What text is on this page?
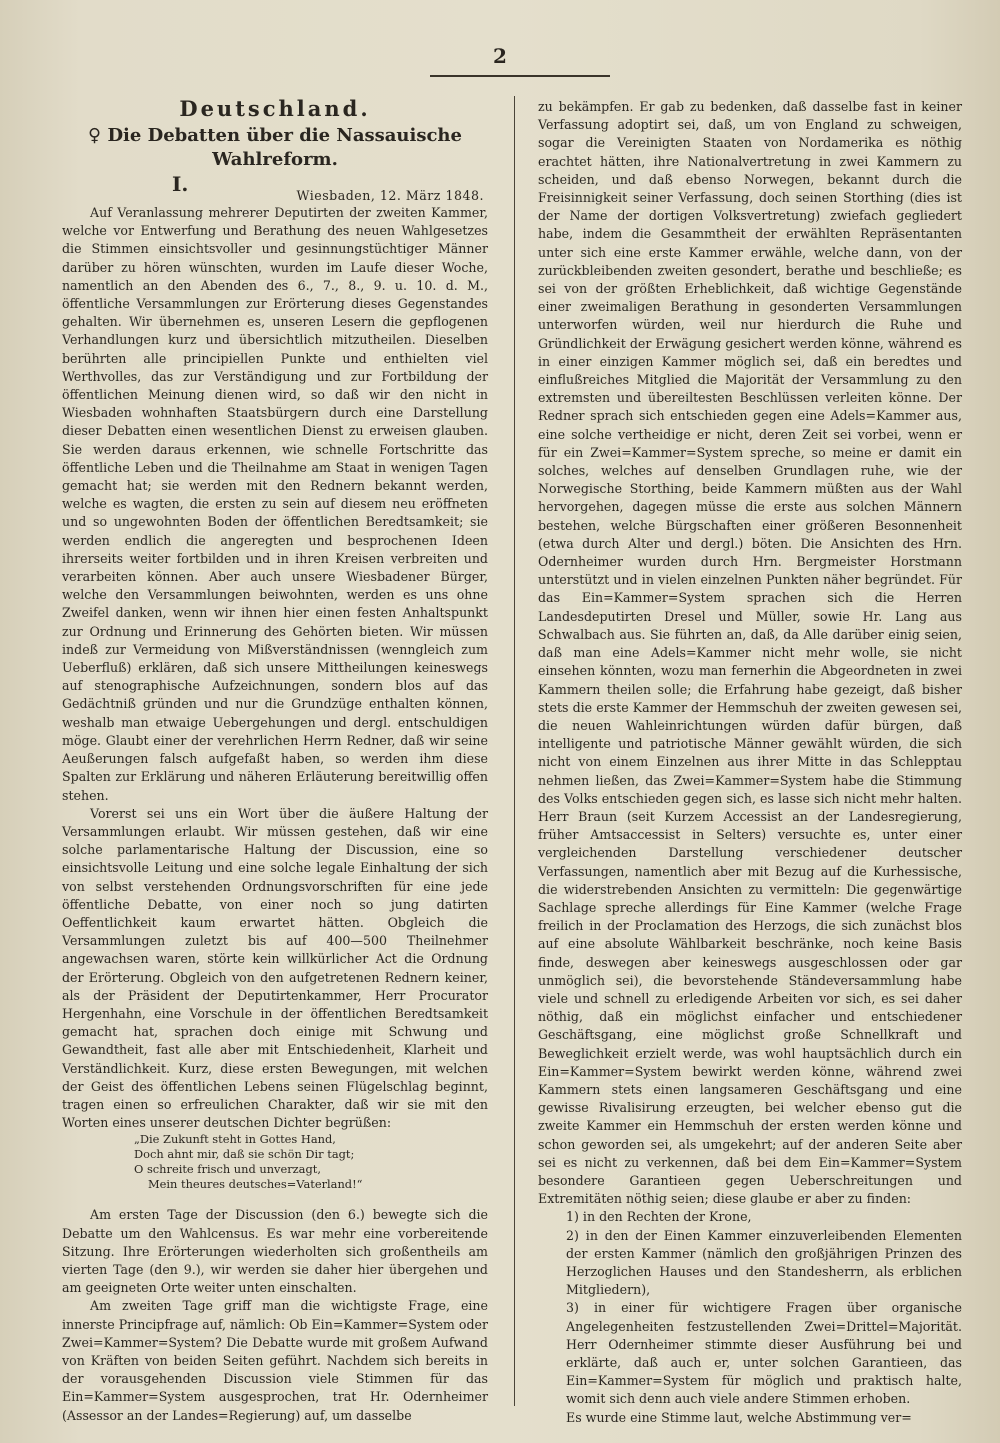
2
Deutschland.
♀ Die Debatten über die Nassauische Wahlreform.
I.	Wiesbaden, 12. März 1848.

Auf Veranlassung mehrerer Deputirten der zweiten Kammer, welche vor Entwerfung und Berathung des neuen Wahlgesetzes die Stimmen einsichtsvoller und gesinnungstüchtiger Männer darüber zu hören wünschten, wurden im Laufe dieser Woche, namentlich an den Abenden des 6., 7., 8., 9. u. 10. d. M., öffentliche Versammlungen zur Erörterung dieses Gegenstandes gehalten. Wir übernehmen es, unseren Lesern die gepflogenen Verhandlungen kurz und übersichtlich mitzutheilen. Dieselben berührten alle principiellen Punkte und enthielten viel Werthvolles, das zur Verständigung und zur Fortbildung der öffentlichen Meinung dienen wird, so daß wir den nicht in Wiesbaden wohnhaften Staatsbürgern durch eine Darstellung dieser Debatten einen wesentlichen Dienst zu erweisen glauben. Sie werden daraus erkennen, wie schnelle Fortschritte das öffentliche Leben und die Theilnahme am Staat in wenigen Tagen gemacht hat; sie werden mit den Rednern bekannt werden, welche es wagten, die ersten zu sein auf diesem neu eröffneten und so ungewohnten Boden der öffentlichen Beredtsamkeit; sie werden endlich die angeregten und besprochenen Ideen ihrerseits weiter fortbilden und in ihren Kreisen verbreiten und verarbeiten können. Aber auch unsere Wiesbadener Bürger, welche den Versammlungen beiwohnten, werden es uns ohne Zweifel danken, wenn wir ihnen hier einen festen Anhaltspunkt zur Ordnung und Erinnerung des Gehörten bieten. Wir müssen indeß zur Vermeidung von Mißverständnissen (wenngleich zum Ueberfluß) erklären, daß sich unsere Mittheilungen keineswegs auf stenographische Aufzeichnungen, sondern blos auf das Gedächtniß gründen und nur die Grundzüge enthalten können, weshalb man etwaige Uebergehungen und dergl. entschuldigen möge. Glaubt einer der verehrlichen Herrn Redner, daß wir seine Aeußerungen falsch aufgefaßt haben, so werden ihm diese Spalten zur Erklärung und näheren Erläuterung bereitwillig offen stehen.

Vorerst sei uns ein Wort über die äußere Haltung der Versammlungen erlaubt. Wir müssen gestehen, daß wir eine solche parlamentarische Haltung der Discussion, eine so einsichtsvolle Leitung und eine solche legale Einhaltung der sich von selbst verstehenden Ordnungsvorschriften für eine jede öffentliche Debatte, von einer noch so jung datirten Oeffentlichkeit kaum erwartet hätten. Obgleich die Versammlungen zuletzt bis auf 400—500 Theilnehmer angewachsen waren, störte kein willkürlicher Act die Ordnung der Erörterung. Obgleich von den aufgetretenen Rednern keiner, als der Präsident der Deputirtenkammer, Herr Procurator Hergenhahn, eine Vorschule in der öffentlichen Beredtsamkeit gemacht hat, sprachen doch einige mit Schwung und Gewandtheit, fast alle aber mit Entschiedenheit, Klarheit und Verständlichkeit. Kurz, diese ersten Bewegungen, mit welchen der Geist des öffentlichen Lebens seinen Flügelschlag beginnt, tragen einen so erfreulichen Charakter, daß wir sie mit den Worten eines unserer deutschen Dichter begrüßen:

„Die Zukunft steht in Gottes Hand,
Doch ahnt mir, daß sie schön Dir tagt;
O schreite frisch und unverzagt,
Mein theures deutsches=Vaterland!“

Am ersten Tage der Discussion (den 6.) bewegte sich die Debatte um den Wahlcensus. Es war mehr eine vorbereitende Sitzung. Ihre Erörterungen wiederholten sich großentheils am vierten Tage (den 9.), wir werden sie daher hier übergehen und am geeigneten Orte weiter unten einschalten.

Am zweiten Tage griff man die wichtigste Frage, eine innerste Principfrage auf, nämlich: Ob Ein=Kammer=System oder Zwei=Kammer=System? Die Debatte wurde mit großem Aufwand von Kräften von beiden Seiten geführt. Nachdem sich bereits in der vorausgehenden Discussion viele Stimmen für das Ein=Kammer=System ausgesprochen, trat Hr. Odernheimer (Assessor an der Landes=Regierung) auf, um dasselbe

zu bekämpfen. Er gab zu bedenken, daß dasselbe fast in keiner Verfassung adoptirt sei, daß, um von England zu schweigen, sogar die Vereinigten Staaten von Nordamerika es nöthig erachtet hätten, ihre Nationalvertretung in zwei Kammern zu scheiden, und daß ebenso Norwegen, bekannt durch die Freisinnigkeit seiner Verfassung, doch seinen Storthing (dies ist der Name der dortigen Volksvertretung) zwiefach gegliedert habe, indem die Gesammtheit der erwählten Repräsentanten unter sich eine erste Kammer erwähle, welche dann, von der zurückbleibenden zweiten gesondert, berathe und beschließe; es sei von der größten Erheblichkeit, daß wichtige Gegenstände einer zweimaligen Berathung in gesonderten Versammlungen unterworfen würden, weil nur hierdurch die Ruhe und Gründlichkeit der Erwägung gesichert werden könne, während es in einer einzigen Kammer möglich sei, daß ein beredtes und einflußreiches Mitglied die Majorität der Versammlung zu den extremsten und übereiltesten Beschlüssen verleiten könne. Der Redner sprach sich entschieden gegen eine Adels=Kammer aus, eine solche vertheidige er nicht, deren Zeit sei vorbei, wenn er für ein Zwei=Kammer=System spreche, so meine er damit ein solches, welches auf denselben Grundlagen ruhe, wie der Norwegische Storthing, beide Kammern müßten aus der Wahl hervorgehen, dagegen müsse die erste aus solchen Männern bestehen, welche Bürgschaften einer größeren Besonnenheit (etwa durch Alter und dergl.) böten. Die Ansichten des Hrn. Odernheimer wurden durch Hrn. Bergmeister Horstmann unterstützt und in vielen einzelnen Punkten näher begründet. Für das Ein=Kammer=System sprachen sich die Herren Landesdeputirten Dresel und Müller, sowie Hr. Lang aus Schwalbach aus. Sie führten an, daß, da Alle darüber einig seien, daß man eine Adels=Kammer nicht mehr wolle, sie nicht einsehen könnten, wozu man fernerhin die Abgeordneten in zwei Kammern theilen solle; die Erfahrung habe gezeigt, daß bisher stets die erste Kammer der Hemmschuh der zweiten gewesen sei, die neuen Wahleinrichtungen würden dafür bürgen, daß intelligente und patriotische Männer gewählt würden, die sich nicht von einem Einzelnen aus ihrer Mitte in das Schlepptau nehmen ließen, das Zwei=Kammer=System habe die Stimmung des Volks entschieden gegen sich, es lasse sich nicht mehr halten. Herr Braun (seit Kurzem Accessist an der Landesregierung, früher Amtsaccessist in Selters) versuchte es, unter einer vergleichenden Darstellung verschiedener deutscher Verfassungen, namentlich aber mit Bezug auf die Kurhessische, die widerstrebenden Ansichten zu vermitteln: Die gegenwärtige Sachlage spreche allerdings für Eine Kammer (welche Frage freilich in der Proclamation des Herzogs, die sich zunächst blos auf eine absolute Wählbarkeit beschränke, noch keine Basis finde, deswegen aber keineswegs ausgeschlossen oder gar unmöglich sei), die bevorstehende Ständeversammlung habe viele und schnell zu erledigende Arbeiten vor sich, es sei daher nöthig, daß ein möglichst einfacher und entschiedener Geschäftsgang, eine möglichst große Schnellkraft und Beweglichkeit erzielt werde, was wohl hauptsächlich durch ein Ein=Kammer=System bewirkt werden könne, während zwei Kammern stets einen langsameren Geschäftsgang und eine gewisse Rivalisirung erzeugten, bei welcher ebenso gut die zweite Kammer ein Hemmschuh der ersten werden könne und schon geworden sei, als umgekehrt; auf der anderen Seite aber sei es nicht zu verkennen, daß bei dem Ein=Kammer=System besondere Garantieen gegen Ueberschreitungen und Extremitäten nöthig seien; diese glaube er aber zu finden:

1) in den Rechten der Krone,

2) in den der Einen Kammer einzuverleibenden Elementen der ersten Kammer (nämlich den großjährigen Prinzen des Herzoglichen Hauses und den Standesherrn, als erblichen Mitgliedern),

3) in einer für wichtigere Fragen über organische Angelegenheiten festzustellenden Zwei=Drittel=Majorität. Herr Odernheimer stimmte dieser Ausführung bei und erklärte, daß auch er, unter solchen Garantieen, das Ein=Kammer=System für möglich und praktisch halte, womit sich denn auch viele andere Stimmen erhoben.

Es wurde eine Stimme laut, welche Abstimmung ver=
